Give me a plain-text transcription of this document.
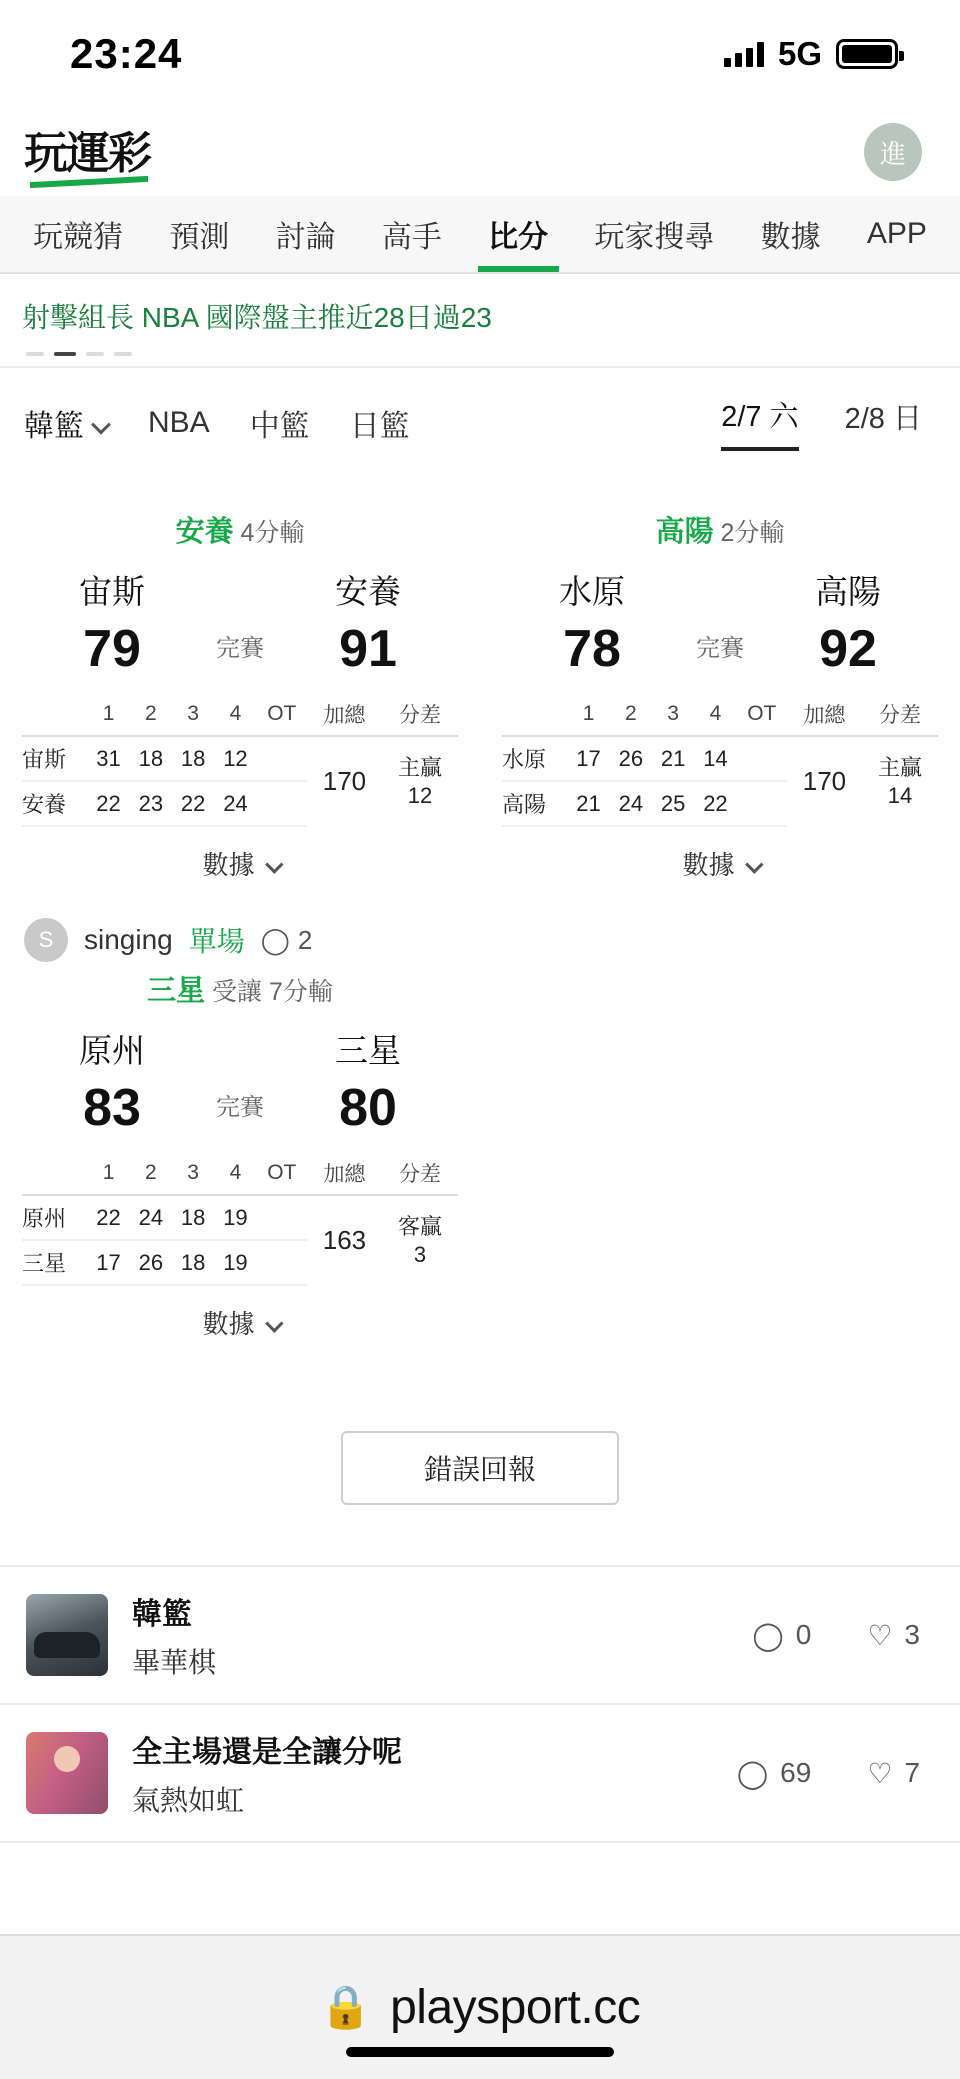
23:24	5G
玩運彩	進
玩競猜 預測 討論 高手 比分 玩家搜尋 數據 APP
射擊組長 NBA 國際盤主推近28日過23
韓籃	NBA 中籃 日籃	2/7 六 2/8 日
安養 4分輸
宙斯
79	完賽
安養
91
	1	2	3	4	OT	加總	分差
宙斯	31	18	18	12		170	主贏
12
安養	22	23	22	24			
數據
高陽 2分輸
水原
78	完賽
高陽
92
	1	2	3	4	OT	加總	分差
水原	17	26	21	14		170	主贏
14
高陽	21	24	25	22			
數據
S singing 單場 ◯ 2
三星 受讓 7分輸
原州
83	完賽
三星
80
	1	2	3	4	OT	加總	分差
原州	22	24	18	19		163	客贏
3
三星	17	26	18	19			
數據
錯誤回報
韓籃
畢華棋
◯ 0 ♡ 3
全主場還是全讓分呢
氣熱如虹
◯ 69 ♡ 7
🔒 playsport.cc
